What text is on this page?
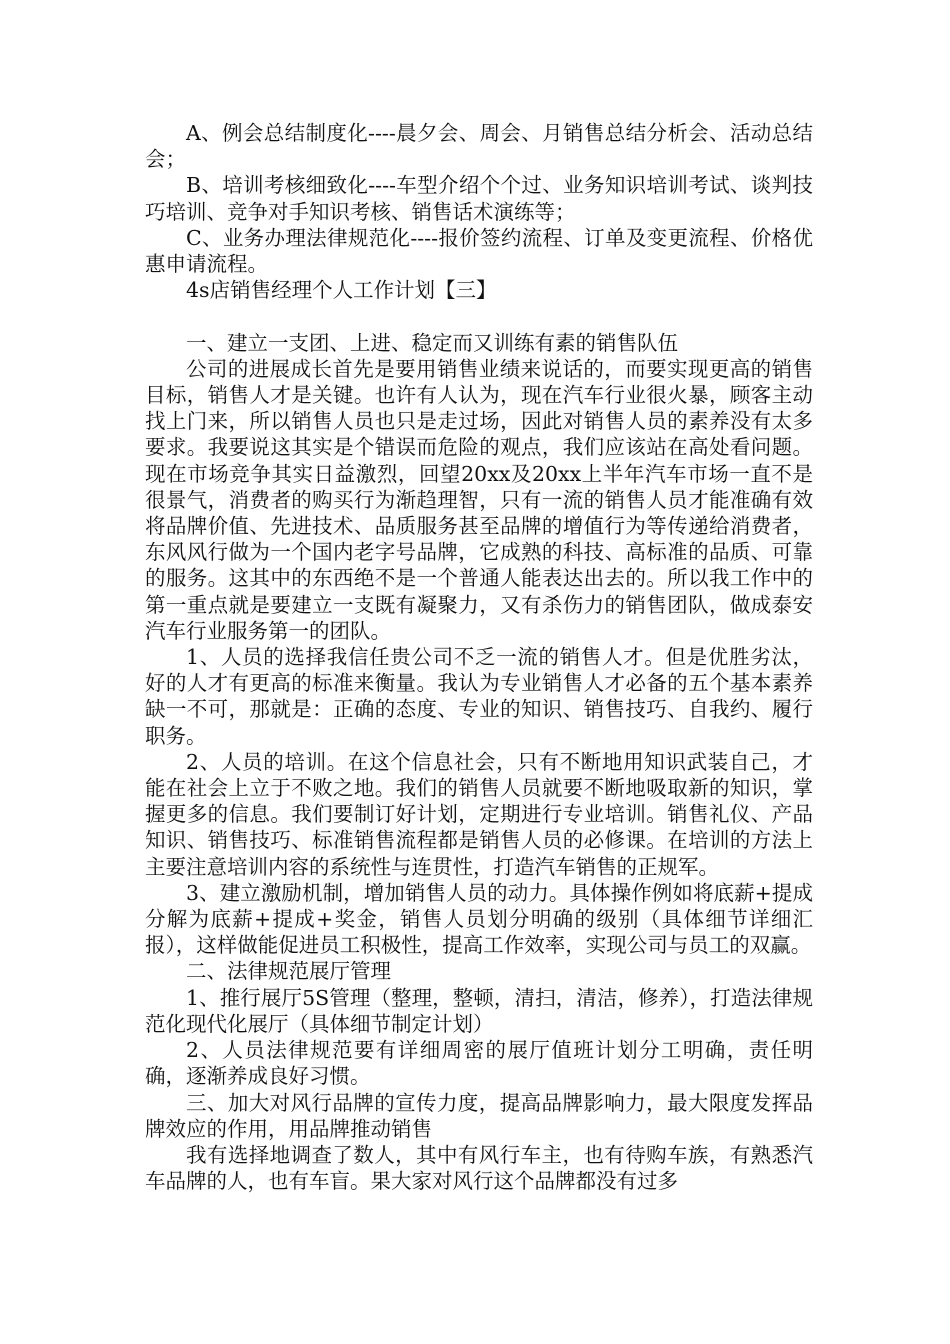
A、例会总结制度化----晨夕会、周会、月销售总结分析会、活动总结会；

B、培训考核细致化----车型介绍个个过、业务知识培训考试、谈判技巧培训、竞争对手知识考核、销售话术演练等；

C、业务办理法律规范化----报价签约流程、订单及变更流程、价格优惠申请流程。

4s店销售经理个人工作计划【三】

一、建立一支团、上进、稳定而又训练有素的销售队伍

公司的进展成长首先是要用销售业绩来说话的，而要实现更高的销售目标，销售人才是关键。也许有人认为，现在汽车行业很火暴，顾客主动找上门来，所以销售人员也只是走过场，因此对销售人员的素养没有太多要求。我要说这其实是个错误而危险的观点，我们应该站在高处看问题。现在市场竞争其实日益激烈，回望20xx及20xx上半年汽车市场一直不是很景气，消费者的购买行为渐趋理智，只有一流的销售人员才能准确有效将品牌价值、先进技术、品质服务甚至品牌的增值行为等传递给消费者，东风风行做为一个国内老字号品牌，它成熟的科技、高标准的品质、可靠的服务。这其中的东西绝不是一个普通人能表达出去的。所以我工作中的第一重点就是要建立一支既有凝聚力，又有杀伤力的销售团队，做成泰安汽车行业服务第一的团队。

1、人员的选择我信任贵公司不乏一流的销售人才。但是优胜劣汰，好的人才有更高的标准来衡量。我认为专业销售人才必备的五个基本素养缺一不可，那就是：正确的态度、专业的知识、销售技巧、自我约、履行职务。

2、人员的培训。在这个信息社会，只有不断地用知识武装自己，才能在社会上立于不败之地。我们的销售人员就要不断地吸取新的知识，掌握更多的信息。我们要制订好计划，定期进行专业培训。销售礼仪、产品知识、销售技巧、标准销售流程都是销售人员的必修课。在培训的方法上主要注意培训内容的系统性与连贯性，打造汽车销售的正规军。

3、建立激励机制，增加销售人员的动力。具体操作例如将底薪+提成分解为底薪+提成+奖金，销售人员划分明确的级别（具体细节详细汇报），这样做能促进员工积极性，提高工作效率，实现公司与员工的双赢。

二、法律规范展厅管理

1、推行展厅5S管理（整理，整顿，清扫，清洁，修养），打造法律规范化现代化展厅（具体细节制定计划）

2、人员法律规范要有详细周密的展厅值班计划分工明确，责任明确，逐渐养成良好习惯。

三、加大对风行品牌的宣传力度，提高品牌影响力，最大限度发挥品牌效应的作用，用品牌推动销售

我有选择地调查了数人，其中有风行车主，也有待购车族，有熟悉汽车品牌的人，也有车盲。果大家对风行这个品牌都没有过多
